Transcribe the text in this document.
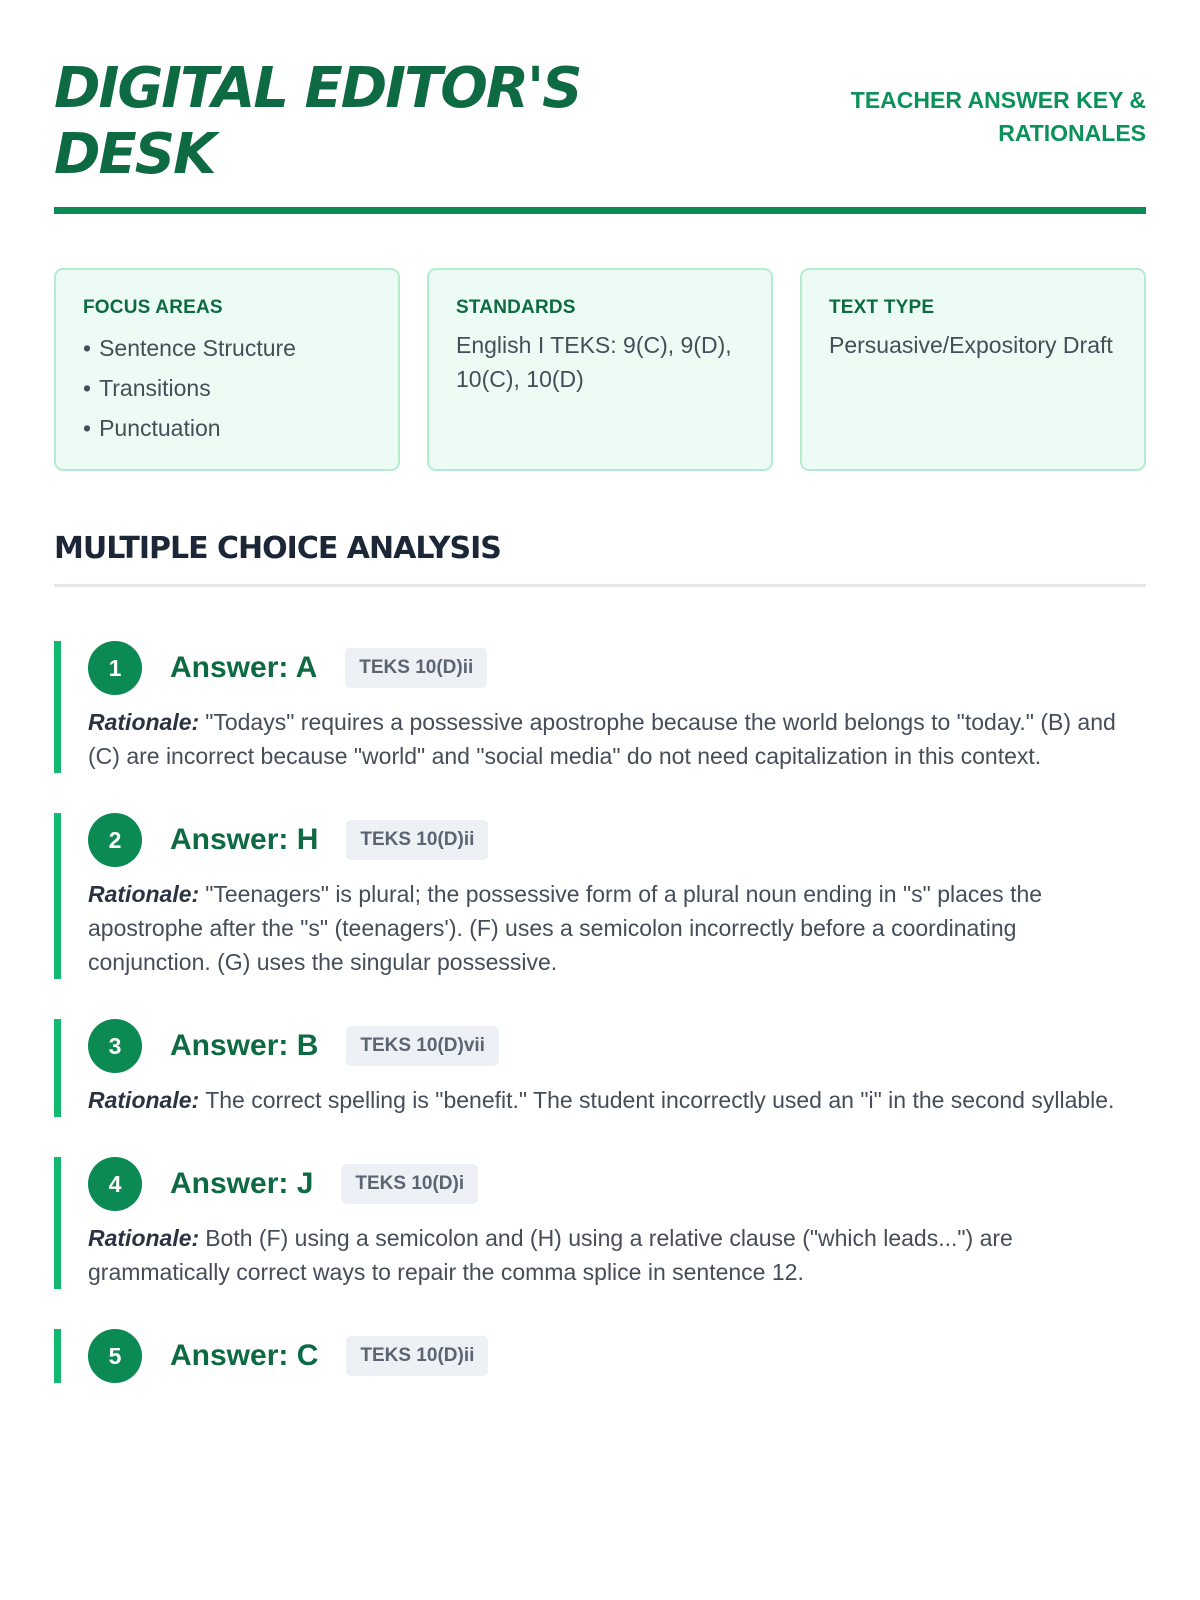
DIGITAL EDITOR'S DESK
TEACHER ANSWER KEY & RATIONALES
FOCUS AREAS
• Sentence Structure
• Transitions
• Punctuation
STANDARDS
English I TEKS: 9(C), 9(D), 10(C), 10(D)
TEXT TYPE
Persuasive/Expository Draft
MULTIPLE CHOICE ANALYSIS
1	Answer: A	TEKS 10(D)ii

Rationale: "Todays" requires a possessive apostrophe because the world belongs to "today." (B) and (C) are incorrect because "world" and "social media" do not need capitalization in this context.

2	Answer: H	TEKS 10(D)ii

Rationale: "Teenagers" is plural; the possessive form of a plural noun ending in "s" places the apostrophe after the "s" (teenagers'). (F) uses a semicolon incorrectly before a coordinating conjunction. (G) uses the singular possessive.

3	Answer: B	TEKS 10(D)vii

Rationale: The correct spelling is "benefit." The student incorrectly used an "i" in the second syllable.

4	Answer: J	TEKS 10(D)i

Rationale: Both (F) using a semicolon and (H) using a relative clause ("which leads...") are grammatically correct ways to repair the comma splice in sentence 12.

5	Answer: C	TEKS 10(D)ii
